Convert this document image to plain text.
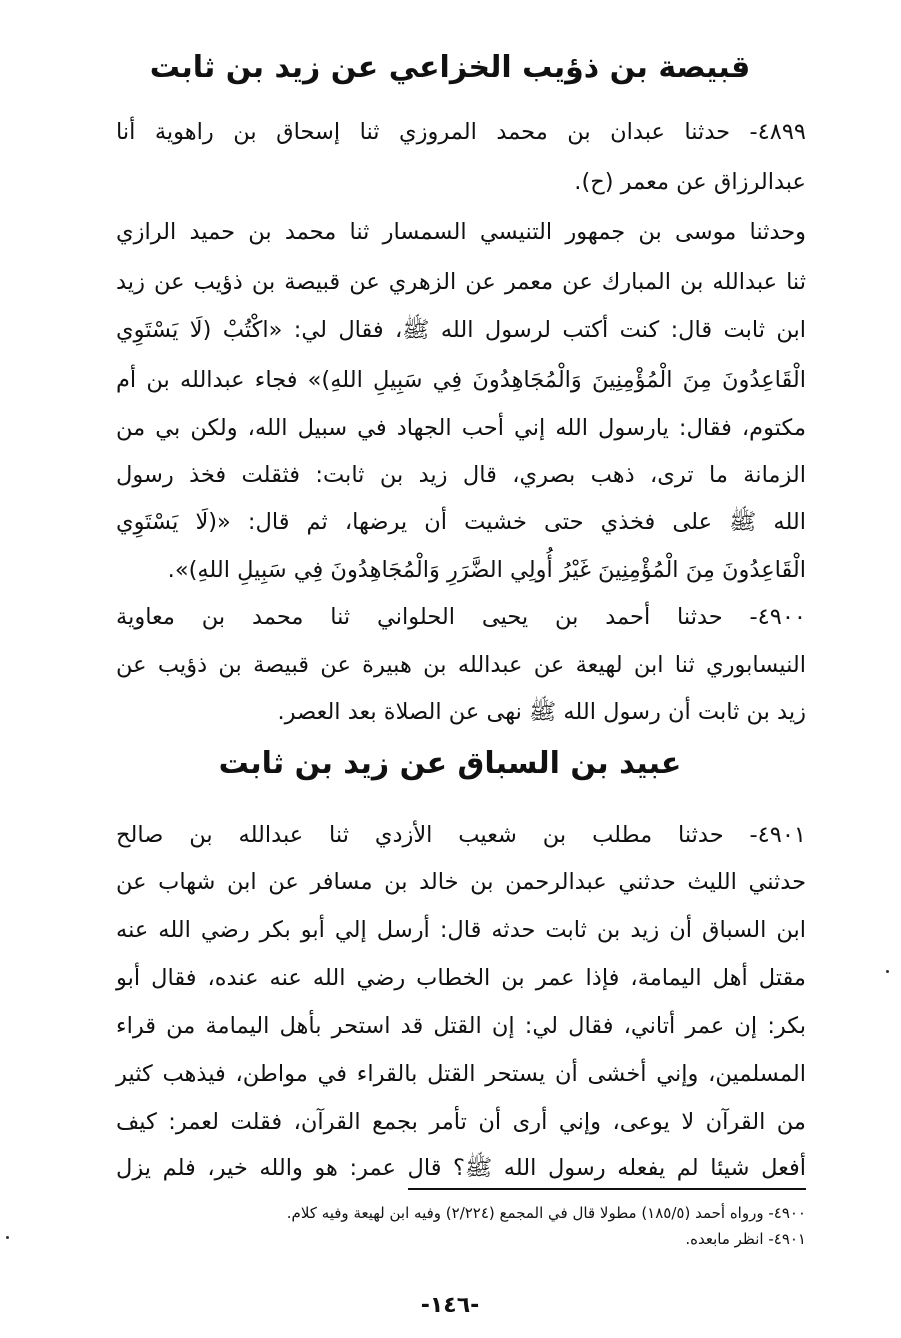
قبيصة بن ذؤيب الخزاعي عن زيد بن ثابت

٤٨٩٩- حدثنا عبدان بن محمد المروزي ثنا إسحاق بن راهوية أنا

عبدالرزاق عن معمر (ح).

وحدثنا موسى بن جمهور التنيسي السمسار ثنا محمد بن حميد الرازي

ثنا عبدالله بن المبارك عن معمر عن الزهري عن قبيصة بن ذؤيب عن زيد

ابن ثابت قال: كنت أكتب لرسول الله ﷺ، فقال لي: «اكْتُبْ (لَا يَسْتَوِي

الْقَاعِدُونَ مِنَ الْمُؤْمِنِينَ وَالْمُجَاهِدُونَ فِي سَبِيلِ اللهِ)» فجاء عبدالله بن أم

مكتوم، فقال: يارسول الله إني أحب الجهاد في سبيل الله، ولكن بي من

الزمانة ما ترى، ذهب بصري، قال زيد بن ثابت: فثقلت فخذ رسول

الله ﷺ على فخذي حتى خشيت أن يرضها، ثم قال: «(لَا يَسْتَوِي

الْقَاعِدُونَ مِنَ الْمُؤْمِنِينَ غَيْرُ أُولِي الضَّرَرِ وَالْمُجَاهِدُونَ فِي سَبِيلِ اللهِ)».

٤٩٠٠- حدثنا أحمد بن يحيى الحلواني ثنا محمد بن معاوية

النيسابوري ثنا ابن لهيعة عن عبدالله بن هبيرة عن قبيصة بن ذؤيب عن

زيد بن ثابت أن رسول الله ﷺ نهى عن الصلاة بعد العصر.

عبيد بن السباق عن زيد بن ثابت

٤٩٠١- حدثنا مطلب بن شعيب الأزدي ثنا عبدالله بن صالح

حدثني الليث حدثني عبدالرحمن بن خالد بن مسافر عن ابن شهاب عن

ابن السباق أن زيد بن ثابت حدثه قال: أرسل إلي أبو بكر رضي الله عنه

مقتل أهل اليمامة، فإذا عمر بن الخطاب رضي الله عنه عنده، فقال أبو

بكر: إن عمر أتاني، فقال لي: إن القتل قد استحر بأهل اليمامة من قراء

المسلمين، وإني أخشى أن يستحر القتل بالقراء في مواطن، فيذهب كثير

من القرآن لا يوعى، وإني أرى أن تأمر بجمع القرآن، فقلت لعمر: كيف

أفعل شيئا لم يفعله رسول الله ﷺ؟ قال عمر: هو والله خير، فلم يزل

٤٩٠٠- ورواه أحمد (١٨٥/٥) مطولا قال في المجمع (٢/٢٢٤) وفيه ابن لهيعة وفيه كلام.

٤٩٠١- انظر مابعده.

-١٤٦-
